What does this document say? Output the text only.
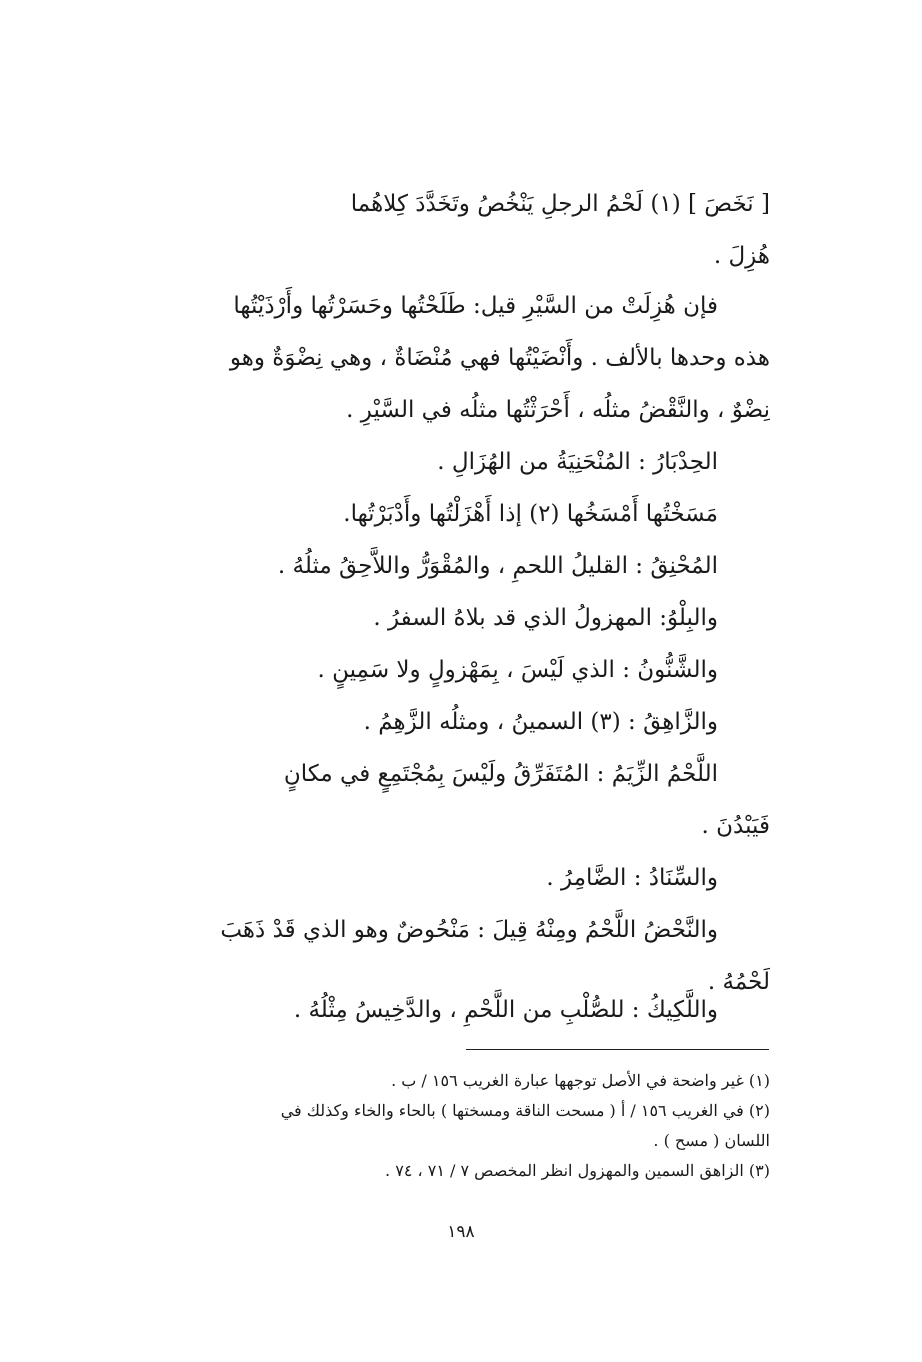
[ نَخَصَ ] (١) لَحْمُ الرجلِ يَنْخُصُ وتَخَدَّدَ كِلاهُما
هُزِلَ .
فإن هُزِلَتْ من السَّيْرِ قيل: طَلَحْتُها وحَسَرْتُها وأَرْذَيْتُها
هذه وحدها بالألف . وأَنْضَيْتُها فهي مُنْضَاةٌ ، وهي نِضْوَةٌ وهو
نِضْوٌ ، والنَّقْضُ مثلُه ، أَحْرَثْتُها مثلُه في السَّيْرِ .
الحِدْبَارُ : المُنْحَنِيَةُ من الهُزَالِ .
مَسَخْتُها أَمْسَخُها (٢) إذا أَهْزَلْتُها وأَدْبَرْتُها.
المُحْنِقُ : القليلُ اللحمِ ، والمُقْوَرُّ واللاَّحِقُ مثلُهُ .
والبِلْوُ: المهزولُ الذي قد بلاهُ السفرُ .
والشَّنُّونُ : الذي لَيْسَ ، بِمَهْزولٍ ولا سَمِينٍ .
والزَّاهِقُ : (٣) السمينُ ، ومثلُه الزَّهِمُ .
اللَّحْمُ الزِّيَمُ : المُتَفَرِّقُ ولَيْسَ بِمُجْتَمِعٍ في مكانٍ
فَيَبْدُنَ .
والسِّنَادُ : الضَّامِرُ .
والنَّحْضُ اللَّحْمُ ومِنْهُ قِيلَ : مَنْحُوضٌ وهو الذي قَدْ ذَهَبَ
لَحْمُهُ .
واللَّكِيكُ : للصُّلْبِ من اللَّحْمِ ، والدَّخِيسُ مِثْلُهُ .
(١) غير واضحة في الأصل توجهها عبارة الغريب ١٥٦ / ب .
(٢) في الغريب ١٥٦ / أ ( مسحت الناقة ومسختها ) بالحاء والخاء وكذلك في
اللسان ( مسح ) .
(٣) الزاهق السمين والمهزول انظر المخصص ٧ / ٧١ ، ٧٤ .
١٩٨
